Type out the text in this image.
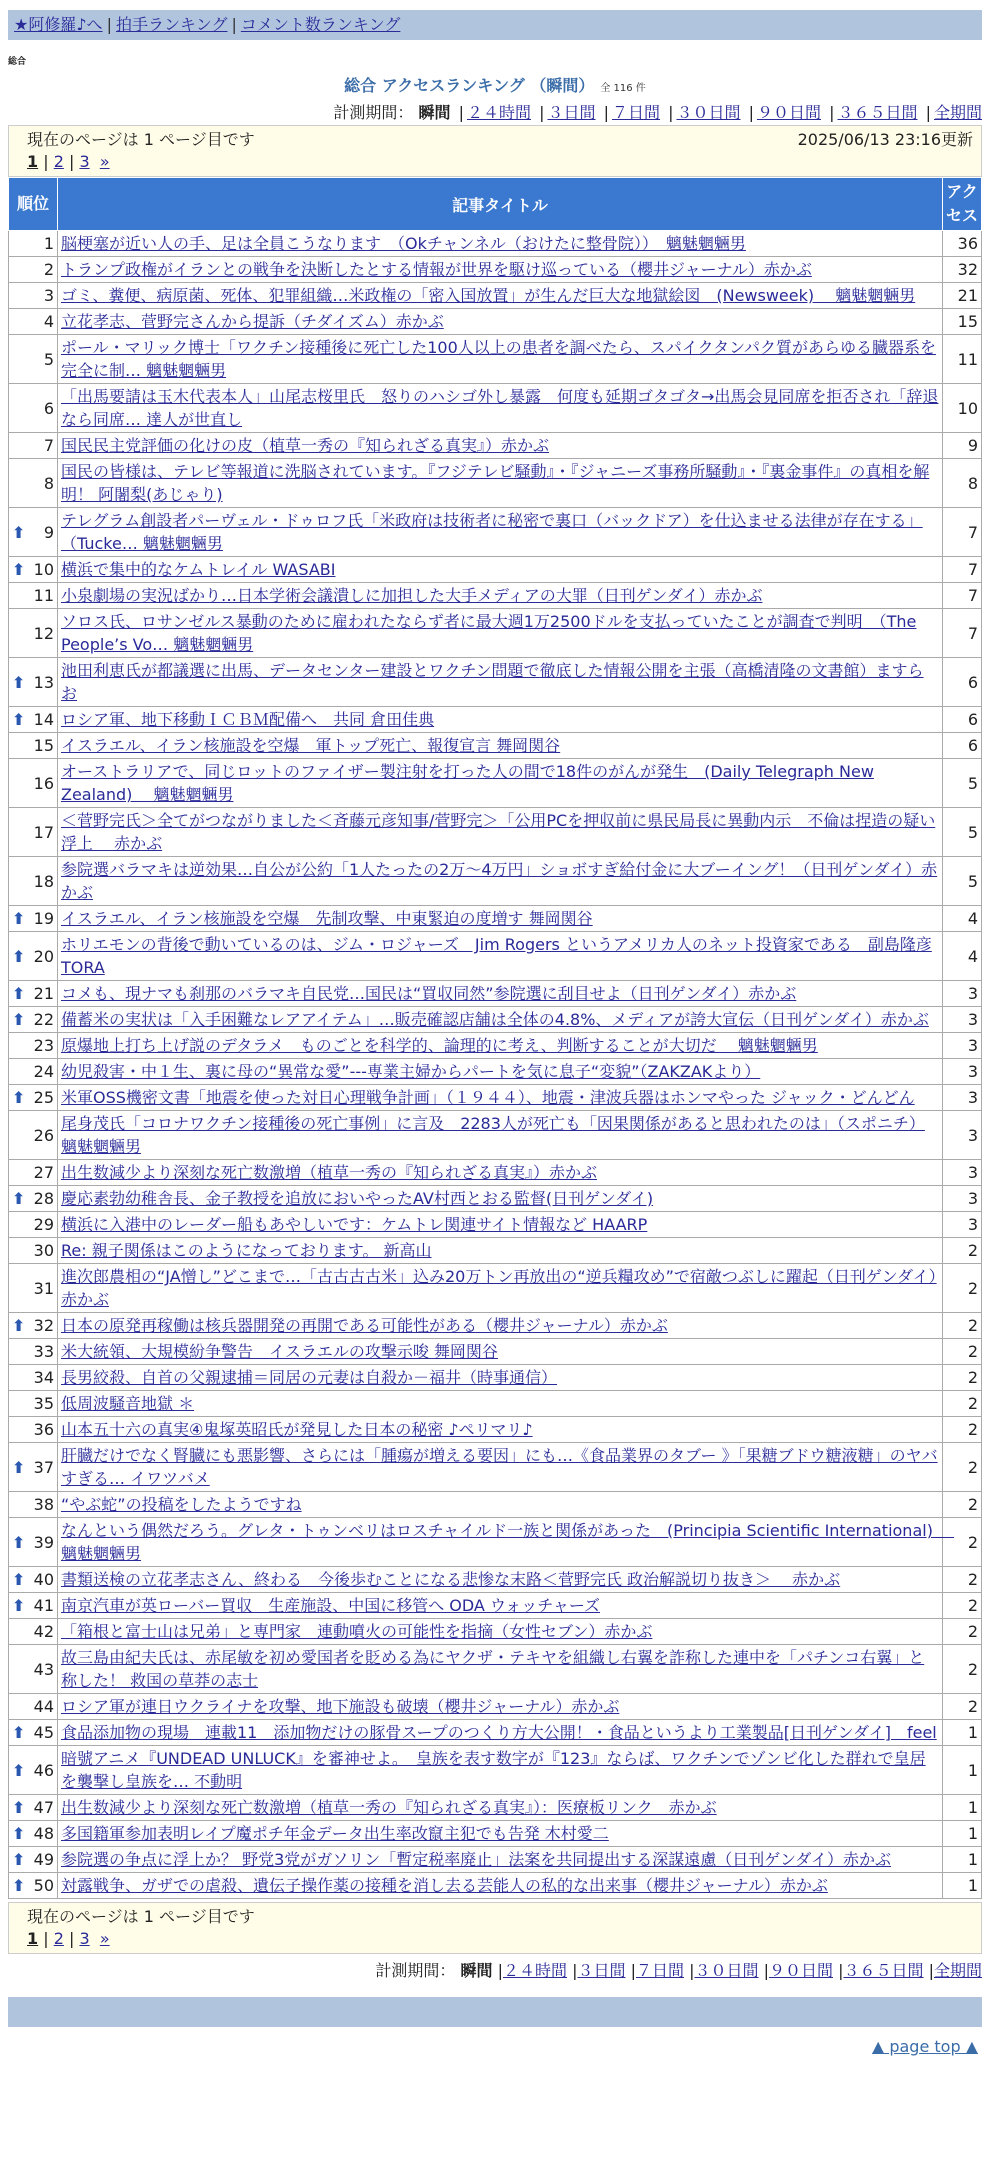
★阿修羅♪へ | 拍手ランキング | コメント数ランキング
総合
総合 アクセスランキング （瞬間） 全 116 件
計測期間： 瞬間 | ２４時間 | ３日間 | ７日間 | ３０日間 | ９０日間 | ３６５日間 | 全期間
現在のページは 1 ページ目です	2025/06/13 23:16更新
1 | 2 | 3 »
順位	記事タイトル	アクセス
1	脳梗塞が近い人の手、足は全員こうなります　（Okチャンネル（おけたに整骨院））　魑魅魍魎男	36
2	トランプ政権がイランとの戦争を決断したとする情報が世界を駆け巡っている（櫻井ジャーナル）赤かぶ	32
3	ゴミ、糞便、病原菌、死体、犯罪組織…米政権の「密入国放置」が生んだ巨大な地獄絵図　(Newsweek)　 魑魅魍魎男	21
4	立花孝志、菅野完さんから提訴（チダイズム）赤かぶ	15
5	ポール・マリック博士「ワクチン接種後に死亡した100人以上の患者を調べたら、スパイクタンパク質があらゆる臓器系を完全に制… 魑魅魍魎男	11
6	「出馬要請は玉木代表本人」山尾志桜里氏　怒りのハシゴ外し暴露　何度も延期ゴタゴタ→出馬会見同席を拒否され「辞退なら同席… 達人が世直し	10
7	国民民主党評価の化けの皮（植草一秀の『知られざる真実』）赤かぶ	9
8	国民の皆様は、テレビ等報道に洗脳されています。『フジテレビ騒動』・『ジャニーズ事務所騒動』・『裏金事件』の真相を解明！ 阿闍梨(あじゃり)	8

⬆ 9	テレグラム創設者パーヴェル・ドゥロフ氏「米政府は技術者に秘密で裏口（バックドア）を仕込ませる法律が存在する」（Tucke… 魑魅魍魎男	7

⬆ 10	横浜で集中的なケムトレイル WASABI	7
11	小泉劇場の実況ばかり…日本学術会議潰しに加担した大手メディアの大罪（日刊ゲンダイ）赤かぶ	7
12	ソロス氏、ロサンゼルス暴動のために雇われたならず者に最大週1万2500ドルを支払っていたことが調査で判明　（The People’s Vo… 魑魅魍魎男	7

⬆ 13	池田利恵氏が都議選に出馬、データセンター建設とワクチン問題で徹底した情報公開を主張（高橋清隆の文書館）ますらお	6

⬆ 14	ロシア軍、地下移動ＩＣＢＭ配備へ　共同 倉田佳典	6
15	イスラエル、イラン核施設を空爆　軍トップ死亡、報復宣言 舞岡関谷	6
16	オーストラリアで、同じロットのファイザー製注射を打った人の間で18件のがんが発生　(Daily Telegraph New Zealand)　 魑魅魍魎男	5
17	＜菅野完氏＞全てがつながりました＜斉藤元彦知事/菅野完＞「公用PCを押収前に県民局長に異動内示　不倫は捏造の疑い浮上　 赤かぶ	5
18	参院選バラマキは逆効果…自公が公約「1人たったの2万～4万円」ショボすぎ給付金に大ブーイング！（日刊ゲンダイ）赤かぶ	5

⬆ 19	イスラエル、イラン核施設を空爆　先制攻撃、中東緊迫の度増す 舞岡関谷	4

⬆ 20	ホリエモンの背後で動いているのは、ジム・ロジャーズ　Jim Rogers というアメリカ人のネット投資家である　副島隆彦 TORA	4

⬆ 21	コメも、現ナマも刹那のバラマキ自民党…国民は“買収同然”参院選に刮目せよ（日刊ゲンダイ）赤かぶ	3

⬆ 22	備蓄米の実状は「入手困難なレアアイテム」…販売確認店舗は全体の4.8%、メディアが誇大宣伝（日刊ゲンダイ）赤かぶ	3
23	原爆地上打ち上げ説のデタラメ　ものごとを科学的、論理的に考え、判断することが大切だ　 魑魅魍魎男	3
24	幼児殺害・中１生、裏に母の“異常な愛”---専業主婦からパートを気に息子“変貌”（ZAKZAKより）	3

⬆ 25	米軍OSS機密文書「地震を使った対日心理戦争計画」（１９４４）、地震・津波兵器はホンマやった ジャック・どんどん	3
26	尾身茂氏「コロナワクチン接種後の死亡事例」に言及　2283人が死亡も「因果関係があると思われたのは」（スポニチ）魑魅魍魎男	3
27	出生数減少より深刻な死亡数激増（植草一秀の『知られざる真実』）赤かぶ	3

⬆ 28	慶応素勃幼稚舎長、金子教授を追放においやったAV村西とおる監督(日刊ゲンダイ)	3
29	横浜に入港中のレーダー船もあやしいです：ケムトレ関連サイト情報など HAARP	3
30	Re: 親子関係はこのようになっております。 新高山	2
31	進次郎農相の“JA憎し”どこまで…「古古古古米」込み20万トン再放出の“逆兵糧攻め”で宿敵つぶしに躍起（日刊ゲンダイ）赤かぶ	2

⬆ 32	日本の原発再稼働は核兵器開発の再開である可能性がある（櫻井ジャーナル）赤かぶ	2
33	米大統領、大規模紛争警告　イスラエルの攻撃示唆 舞岡関谷	2
34	長男絞殺、自首の父親逮捕＝同居の元妻は自殺か－福井（時事通信）	2
35	低周波騒音地獄 ＊	2
36	山本五十六の真実④鬼塚英昭氏が発見した日本の秘密 ♪ペリマリ♪	2

⬆ 37	肝臓だけでなく腎臓にも悪影響、さらには「腫瘍が増える要因」にも…《食品業界のタブー 》「果糖ブドウ糖液糖」のヤバすぎる… イワツバメ	2
38	“やぶ蛇”の投稿をしたようですね	2

⬆ 39	なんという偶然だろう。グレタ・トゥンベリはロスチャイルド一族と関係があった　(Principia Scientific International)　 魑魅魍魎男	2

⬆ 40	書類送検の立花孝志さん、終わる　今後歩むことになる悲惨な末路＜菅野完氏 政治解説切り抜き＞　 赤かぶ	2

⬆ 41	南京汽車が英ローバー買収　生産施設、中国に移管へ ODA ウォッチャーズ	2
42	「箱根と富士山は兄弟」と専門家　連動噴火の可能性を指摘（女性セブン）赤かぶ	2
43	故三島由紀夫氏は、赤尾敏を初め愛国者を貶める為にヤクザ・テキヤを組織し右翼を詐称した連中を「パチンコ右翼」と称した！ 救国の草莽の志士	2
44	ロシア軍が連日ウクライナを攻撃、地下施設も破壊（櫻井ジャーナル）赤かぶ	2

⬆ 45	食品添加物の現場　連載11　添加物だけの豚骨スープのつくり方大公開！・食品というより工業製品[日刊ゲンダイ]　feel	1

⬆ 46	暗號アニメ『UNDEAD UNLUCK』を審神せよ。　皇族を表す数字が『123』ならば、ワクチンでゾンビ化した群れで皇居を襲撃し皇族を… 不動明	1

⬆ 47	出生数減少より深刻な死亡数激増（植草一秀の『知られざる真実』）：医療板リンク　赤かぶ	1

⬆ 48	多国籍軍参加表明レイプ魔ポチ年金データ出生率改竄主犯でも告発 木村愛二	1

⬆ 49	参院選の争点に浮上か？ 野党3党がガソリン「暫定税率廃止」法案を共同提出する深謀遠慮（日刊ゲンダイ）赤かぶ	1

⬆ 50	対露戦争、ガザでの虐殺、遺伝子操作薬の接種を消し去る芸能人の私的な出来事（櫻井ジャーナル）赤かぶ	1
現在のページは 1 ページ目です
1 | 2 | 3 »
計測期間： 瞬間 |２４時間 |３日間 |７日間 |３０日間 |９０日間 |３６５日間 |全期間
▲ page top ▲
